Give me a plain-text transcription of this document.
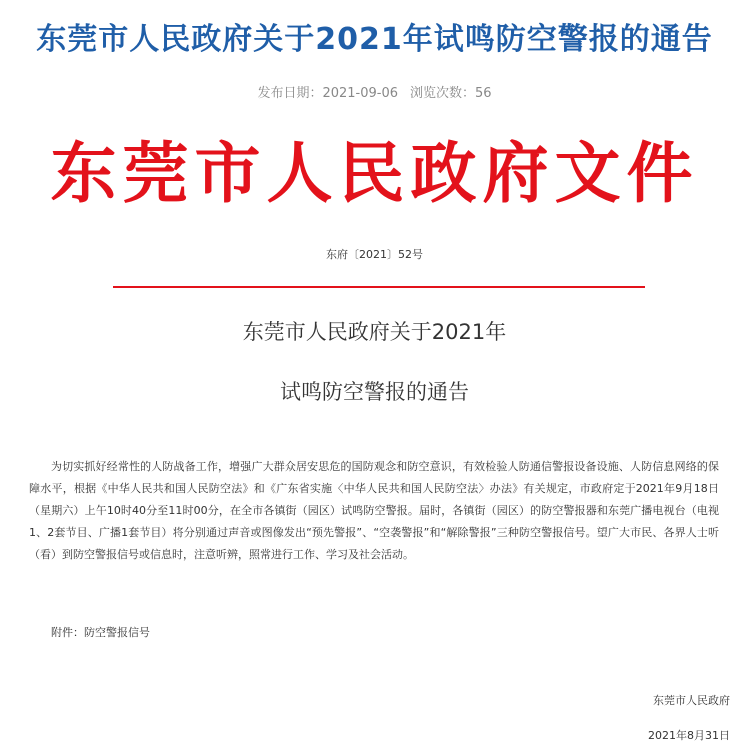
东莞市人民政府关于2021年试鸣防空警报的通告
发布日期：2021-09-06 浏览次数：56
东莞市人民政府文件
东府〔2021〕52号
东莞市人民政府关于2021年
试鸣防空警报的通告
为切实抓好经常性的人防战备工作，增强广大群众居安思危的国防观念和防空意识，有效检验人防通信警报设备设施、人防信息网络的保障水平，根据《中华人民共和国人民防空法》和《广东省实施〈中华人民共和国人民防空法〉办法》有关规定，市政府定于2021年9月18日（星期六）上午10时40分至11时00分，在全市各镇街（园区）试鸣防空警报。届时，各镇街（园区）的防空警报器和东莞广播电视台（电视1、2套节目、广播1套节目）将分别通过声音或图像发出“预先警报”、“空袭警报”和“解除警报”三种防空警报信号。望广大市民、各界人士听（看）到防空警报信号或信息时，注意听辨，照常进行工作、学习及社会活动。
附件：防空警报信号
东莞市人民政府
2021年8月31日
